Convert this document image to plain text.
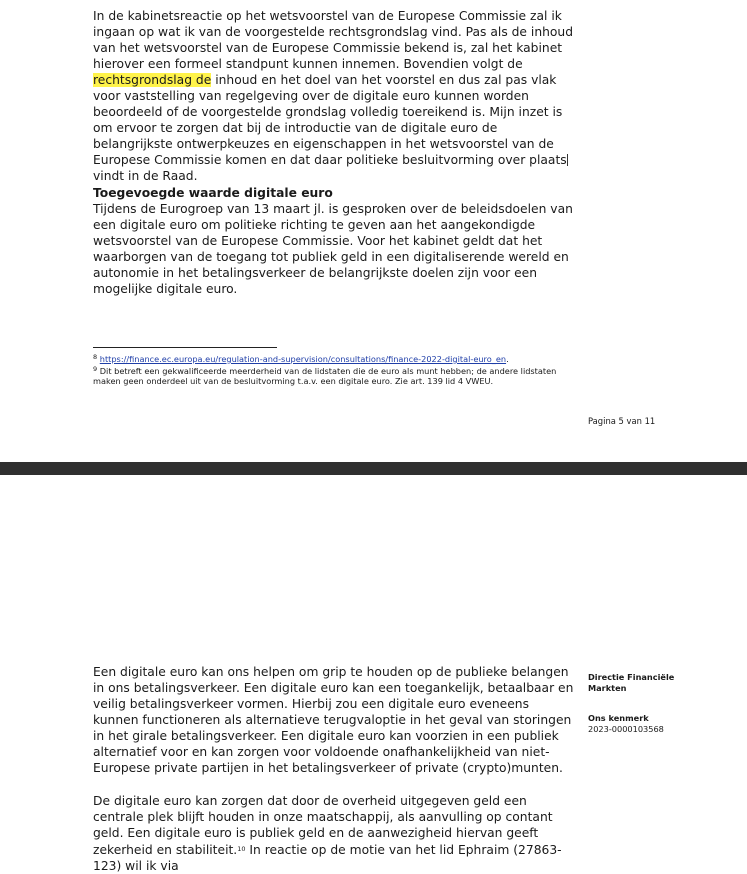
In de kabinetsreactie op het wetsvoorstel van de Europese Commissie zal ik ingaan op wat ik van de voorgestelde rechtsgrondslag vind. Pas als de inhoud van het wetsvoorstel van de Europese Commissie bekend is, zal het kabinet hierover een formeel standpunt kunnen innemen. Bovendien volgt de rechtsgrondslag de inhoud en het doel van het voorstel en dus zal pas vlak voor vaststelling van regelgeving over de digitale euro kunnen worden beoordeeld of de voorgestelde grondslag volledig toereikend is. Mijn inzet is om ervoor te zorgen dat bij de introductie van de digitale euro de belangrijkste ontwerpkeuzes en eigenschappen in het wetsvoorstel van de Europese Commissie komen en dat daar politieke besluitvorming over plaatsvindt in de Raad.

Toegevoegde waarde digitale euro

Tijdens de Eurogroep van 13 maart jl. is gesproken over de beleidsdoelen van een digitale euro om politieke richting te geven aan het aangekondigde wetsvoorstel van de Europese Commissie. Voor het kabinet geldt dat het waarborgen van de toegang tot publiek geld in een digitaliserende wereld en autonomie in het betalingsverkeer de belangrijkste doelen zijn voor een mogelijke digitale euro.

$^8$ https://finance.ec.europa.eu/regulation-and-supervision/consultations/finance-2022-digital-euro_en.

$^9$ Dit betreft een gekwalificeerde meerderheid van de lidstaten die de euro als munt hebben; de andere lidstaten maken geen onderdeel uit van de besluitvorming t.a.v. een digitale euro. Zie art. 139 lid 4 VWEU.

Pagina 5 van 11

Een digitale euro kan ons helpen om grip te houden op de publieke belangen in ons betalingsverkeer. Een digitale euro kan een toegankelijk, betaalbaar en veilig betalingsverkeer vormen. Hierbij zou een digitale euro eveneens kunnen functioneren als alternatieve terugvaloptie in het geval van storingen in het girale betalingsverkeer. Een digitale euro kan voorzien in een publiek alternatief voor en kan zorgen voor voldoende onafhankelijkheid van niet-Europese private partijen in het betalingsverkeer of private (crypto)munten.

De digitale euro kan zorgen dat door de overheid uitgegeven geld een centrale plek blijft houden in onze maatschappij, als aanvulling op contant geld. Een digitale euro is publiek geld en de aanwezigheid hiervan geeft zekerheid en stabiliteit.$^{10}$ In reactie op de motie van het lid Ephraim (27863-123) wil ik via

Directie Financiële Markten
Ons kenmerk
2023-0000103568
